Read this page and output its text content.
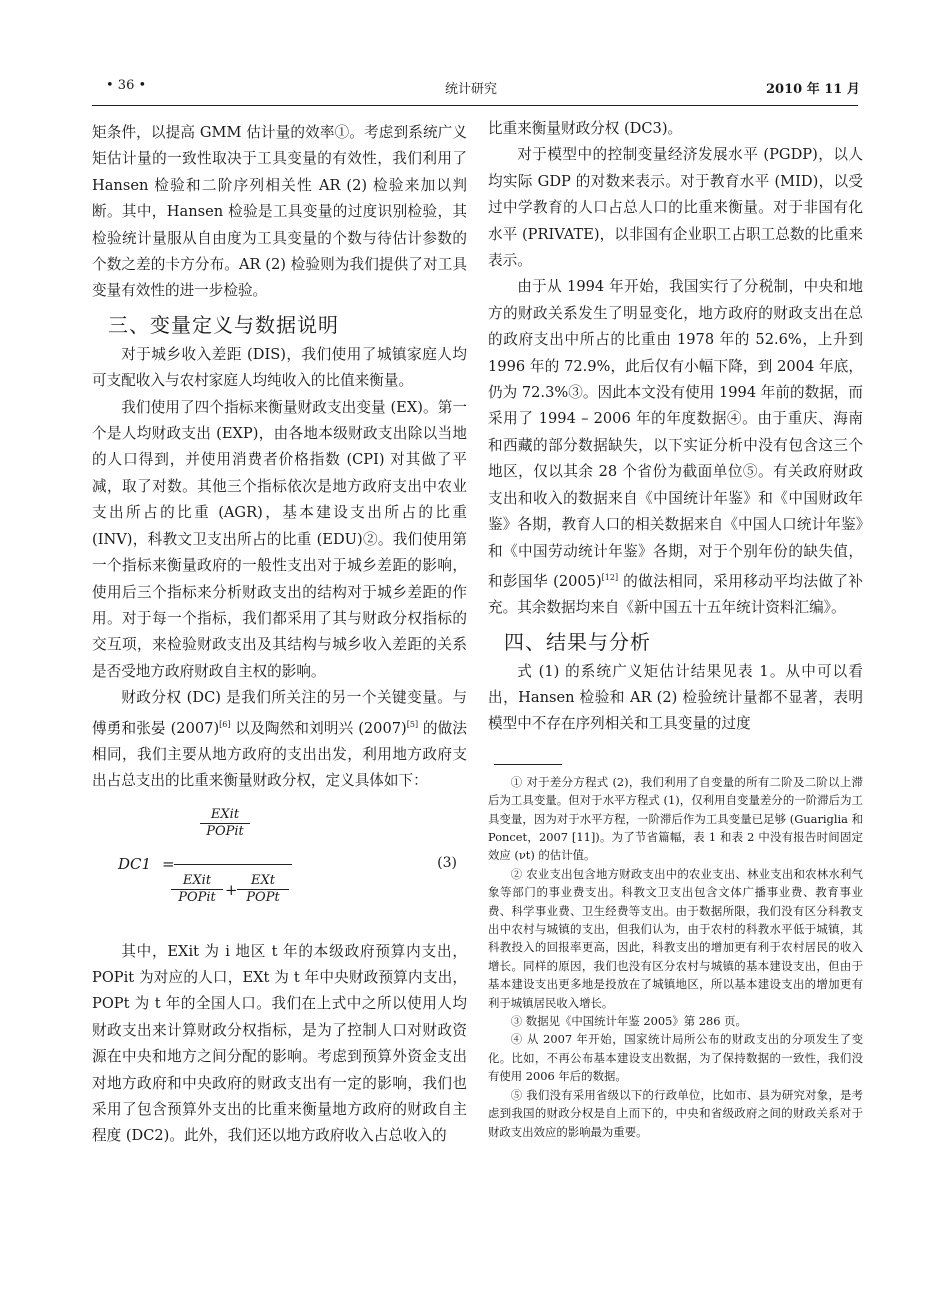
• 36 •	统计研究	2010 年 11 月

矩条件，以提高 GMM 估计量的效率①。考虑到系统广义矩估计量的一致性取决于工具变量的有效性，我们利用了 Hansen 检验和二阶序列相关性 AR (2) 检验来加以判断。其中，Hansen 检验是工具变量的过度识别检验，其检验统计量服从自由度为工具变量的个数与待估计参数的个数之差的卡方分布。AR (2) 检验则为我们提供了对工具变量有效性的进一步检验。

三、变量定义与数据说明

对于城乡收入差距 (DIS)，我们使用了城镇家庭人均可支配收入与农村家庭人均纯收入的比值来衡量。

我们使用了四个指标来衡量财政支出变量 (EX)。第一个是人均财政支出 (EXP)，由各地本级财政支出除以当地的人口得到，并使用消费者价格指数 (CPI) 对其做了平减，取了对数。其他三个指标依次是地方政府支出中农业支出所占的比重 (AGR)，基本建设支出所占的比重 (INV)，科教文卫支出所占的比重 (EDU)②。我们使用第一个指标来衡量政府的一般性支出对于城乡差距的影响，使用后三个指标来分析财政支出的结构对于城乡差距的作用。对于每一个指标，我们都采用了其与财政分权指标的交互项，来检验财政支出及其结构与城乡收入差距的关系是否受地方政府财政自主权的影响。

财政分权 (DC) 是我们所关注的另一个关键变量。与傅勇和张晏 (2007)[6] 以及陶然和刘明兴 (2007)[5] 的做法相同，我们主要从地方政府的支出出发，利用地方政府支出占总支出的比重来衡量财政分权，定义具体如下：

DC1 =
EXit
POPit
EXit
POPit +
EXt
POPt
(3)

其中，EXit 为 i 地区 t 年的本级政府预算内支出，POPit 为对应的人口，EXt 为 t 年中央财政预算内支出，POPt 为 t 年的全国人口。我们在上式中之所以使用人均财政支出来计算财政分权指标，是为了控制人口对财政资源在中央和地方之间分配的影响。考虑到预算外资金支出对地方政府和中央政府的财政支出有一定的影响，我们也采用了包含预算外支出的比重来衡量地方政府的财政自主程度 (DC2)。此外，我们还以地方政府收入占总收入的

比重来衡量财政分权 (DC3)。

对于模型中的控制变量经济发展水平 (PGDP)，以人均实际 GDP 的对数来表示。对于教育水平 (MID)，以受过中学教育的人口占总人口的比重来衡量。对于非国有化水平 (PRIVATE)，以非国有企业职工占职工总数的比重来表示。

由于从 1994 年开始，我国实行了分税制，中央和地方的财政关系发生了明显变化，地方政府的财政支出在总的政府支出中所占的比重由 1978 年的 52.6%，上升到 1996 年的 72.9%，此后仅有小幅下降，到 2004 年底，仍为 72.3%③。因此本文没有使用 1994 年前的数据，而采用了 1994 – 2006 年的年度数据④。由于重庆、海南和西藏的部分数据缺失，以下实证分析中没有包含这三个地区，仅以其余 28 个省份为截面单位⑤。有关政府财政支出和收入的数据来自《中国统计年鉴》和《中国财政年鉴》各期，教育人口的相关数据来自《中国人口统计年鉴》和《中国劳动统计年鉴》各期，对于个别年份的缺失值，和彭国华 (2005)[12] 的做法相同，采用移动平均法做了补充。其余数据均来自《新中国五十五年统计资料汇编》。

四、结果与分析

式 (1) 的系统广义矩估计结果见表 1。从中可以看出，Hansen 检验和 AR (2) 检验统计量都不显著，表明模型中不存在序列相关和工具变量的过度

① 对于差分方程式 (2)，我们利用了自变量的所有二阶及二阶以上滞后为工具变量。但对于水平方程式 (1)，仅利用自变量差分的一阶滞后为工具变量，因为对于水平方程，一阶滞后作为工具变量已足够 (Guariglia 和 Poncet，2007 [11])。为了节省篇幅，表 1 和表 2 中没有报告时间固定效应 (νt) 的估计值。

② 农业支出包含地方财政支出中的农业支出、林业支出和农林水利气象等部门的事业费支出。科教文卫支出包含文体广播事业费、教育事业费、科学事业费、卫生经费等支出。由于数据所限，我们没有区分科教支出中农村与城镇的支出，但我们认为，由于农村的科教水平低于城镇，其科教投入的回报率更高，因此，科教支出的增加更有利于农村居民的收入增长。同样的原因，我们也没有区分农村与城镇的基本建设支出，但由于基本建设支出更多地是投放在了城镇地区，所以基本建设支出的增加更有利于城镇居民收入增长。

③ 数据见《中国统计年鉴 2005》第 286 页。

④ 从 2007 年开始，国家统计局所公布的财政支出的分项发生了变化。比如，不再公布基本建设支出数据，为了保持数据的一致性，我们没有使用 2006 年后的数据。

⑤ 我们没有采用省级以下的行政单位，比如市、县为研究对象，是考虑到我国的财政分权是自上而下的，中央和省级政府之间的财政关系对于财政支出效应的影响最为重要。
